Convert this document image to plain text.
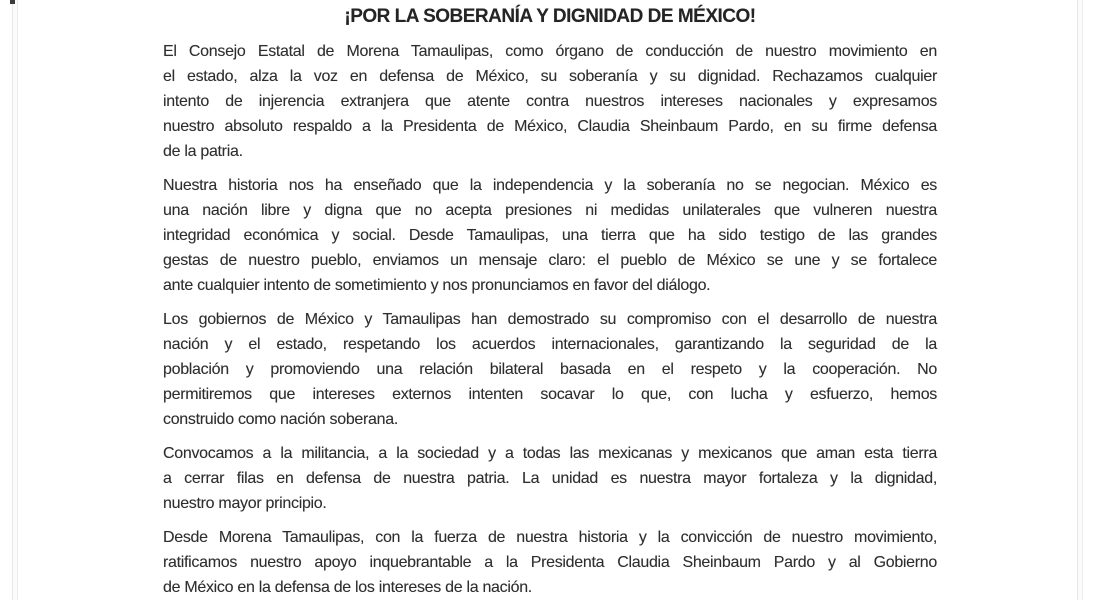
¡POR LA SOBERANÍA Y DIGNIDAD DE MÉXICO!
El Consejo Estatal de Morena Tamaulipas, como órgano de conducción de nuestro movimiento en
el estado, alza la voz en defensa de México, su soberanía y su dignidad. Rechazamos cualquier
intento de injerencia extranjera que atente contra nuestros intereses nacionales y expresamos
nuestro absoluto respaldo a la Presidenta de México, Claudia Sheinbaum Pardo, en su firme defensa
de la patria.
Nuestra historia nos ha enseñado que la independencia y la soberanía no se negocian. México es
una nación libre y digna que no acepta presiones ni medidas unilaterales que vulneren nuestra
integridad económica y social. Desde Tamaulipas, una tierra que ha sido testigo de las grandes
gestas de nuestro pueblo, enviamos un mensaje claro: el pueblo de México se une y se fortalece
ante cualquier intento de sometimiento y nos pronunciamos en favor del diálogo.
Los gobiernos de México y Tamaulipas han demostrado su compromiso con el desarrollo de nuestra
nación y el estado, respetando los acuerdos internacionales, garantizando la seguridad de la
población y promoviendo una relación bilateral basada en el respeto y la cooperación. No
permitiremos que intereses externos intenten socavar lo que, con lucha y esfuerzo, hemos
construido como nación soberana.
Convocamos a la militancia, a la sociedad y a todas las mexicanas y mexicanos que aman esta tierra
a cerrar filas en defensa de nuestra patria. La unidad es nuestra mayor fortaleza y la dignidad,
nuestro mayor principio.
Desde Morena Tamaulipas, con la fuerza de nuestra historia y la convicción de nuestro movimiento,
ratificamos nuestro apoyo inquebrantable a la Presidenta Claudia Sheinbaum Pardo y al Gobierno
de México en la defensa de los intereses de la nación.
